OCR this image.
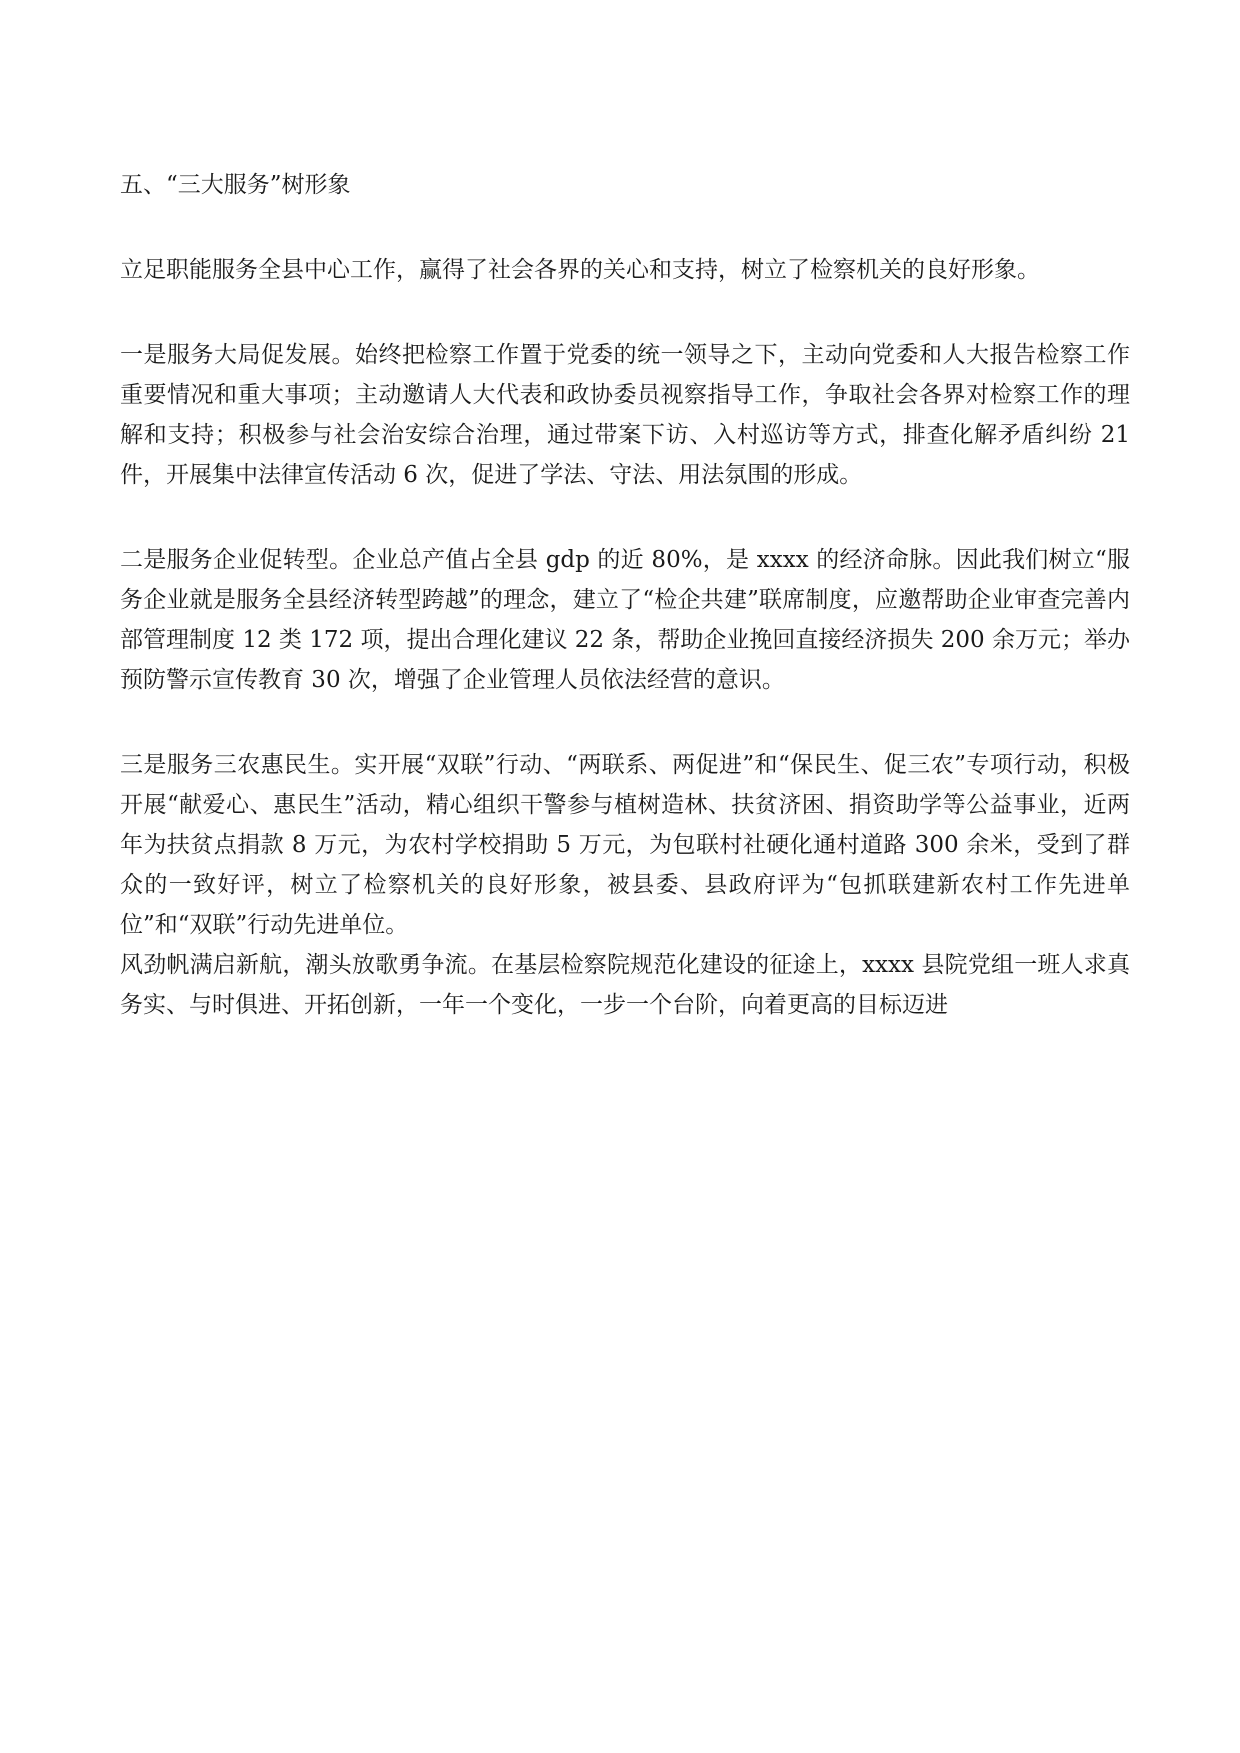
五、“三大服务”树形象

立足职能服务全县中心工作，赢得了社会各界的关心和支持，树立了检察机关的良好形象。

一是服务大局促发展。始终把检察工作置于党委的统一领导之下，主动向党委和人大报告检察工作重要情况和重大事项；主动邀请人大代表和政协委员视察指导工作，争取社会各界对检察工作的理解和支持；积极参与社会治安综合治理，通过带案下访、入村巡访等方式，排查化解矛盾纠纷 21 件，开展集中法律宣传活动 6 次，促进了学法、守法、用法氛围的形成。

二是服务企业促转型。企业总产值占全县 gdp 的近 80%，是 xxxx 的经济命脉。因此我们树立“服务企业就是服务全县经济转型跨越”的理念，建立了“检企共建”联席制度，应邀帮助企业审查完善内部管理制度 12 类 172 项，提出合理化建议 22 条，帮助企业挽回直接经济损失 200 余万元；举办预防警示宣传教育 30 次，增强了企业管理人员依法经营的意识。

三是服务三农惠民生。实开展“双联”行动、“两联系、两促进”和“保民生、促三农”专项行动，积极开展“献爱心、惠民生”活动，精心组织干警参与植树造林、扶贫济困、捐资助学等公益事业，近两年为扶贫点捐款 8 万元，为农村学校捐助 5 万元，为包联村社硬化通村道路 300 余米，受到了群众的一致好评，树立了检察机关的良好形象，被县委、县政府评为“包抓联建新农村工作先进单位”和“双联”行动先进单位。

风劲帆满启新航，潮头放歌勇争流。在基层检察院规范化建设的征途上，xxxx 县院党组一班人求真务实、与时俱进、开拓创新，一年一个变化，一步一个台阶，向着更高的目标迈进
